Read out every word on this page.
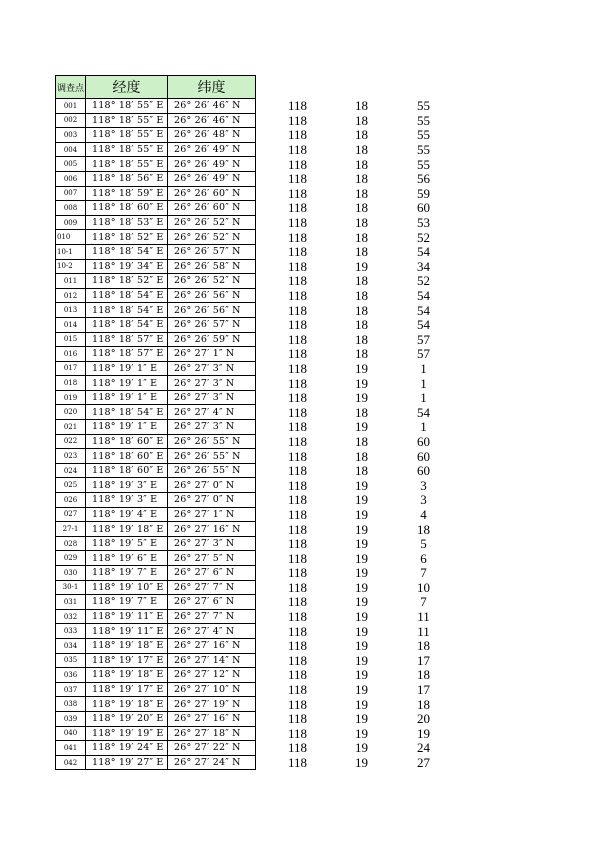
调查点	经度	纬度				
001	118° 18′ 55″ E	26° 26′ 46″ N		118	18	55
002	118° 18′ 55″ E	26° 26′ 46″ N		118	18	55
003	118° 18′ 55″ E	26° 26′ 48″ N		118	18	55
004	118° 18′ 55″ E	26° 26′ 49″ N		118	18	55
005	118° 18′ 55″ E	26° 26′ 49″ N		118	18	55
006	118° 18′ 56″ E	26° 26′ 49″ N		118	18	56
007	118° 18′ 59″ E	26° 26′ 60″ N		118	18	59
008	118° 18′ 60″ E	26° 26′ 60″ N		118	18	60
009	118° 18′ 53″ E	26° 26′ 52″ N		118	18	53
010	118° 18′ 52″ E	26° 26′ 52″ N		118	18	52
10-1	118° 18′ 54″ E	26° 26′ 57″ N		118	18	54
10-2	118° 19′ 34″ E	26° 26′ 58″ N		118	19	34
011	118° 18′ 52″ E	26° 26′ 52″ N		118	18	52
012	118° 18′ 54″ E	26° 26′ 56″ N		118	18	54
013	118° 18′ 54″ E	26° 26′ 56″ N		118	18	54
014	118° 18′ 54″ E	26° 26′ 57″ N		118	18	54
015	118° 18′ 57″ E	26° 26′ 59″ N		118	18	57
016	118° 18′ 57″ E	26° 27′ 1″ N		118	18	57
017	118° 19′ 1″ E	26° 27′ 3″ N		118	19	1
018	118° 19′ 1″ E	26° 27′ 3″ N		118	19	1
019	118° 19′ 1″ E	26° 27′ 3″ N		118	19	1
020	118° 18′ 54″ E	26° 27′ 4″ N		118	18	54
021	118° 19′ 1″ E	26° 27′ 3″ N		118	19	1
022	118° 18′ 60″ E	26° 26′ 55″ N		118	18	60
023	118° 18′ 60″ E	26° 26′ 55″ N		118	18	60
024	118° 18′ 60″ E	26° 26′ 55″ N		118	18	60
025	118° 19′ 3″ E	26° 27′ 0″ N		118	19	3
026	118° 19′ 3″ E	26° 27′ 0″ N		118	19	3
027	118° 19′ 4″ E	26° 27′ 1″ N		118	19	4
27-1	118° 19′ 18″ E	26° 27′ 16″ N		118	19	18
028	118° 19′ 5″ E	26° 27′ 3″ N		118	19	5
029	118° 19′ 6″ E	26° 27′ 5″ N		118	19	6
030	118° 19′ 7″ E	26° 27′ 6″ N		118	19	7
30-1	118° 19′ 10″ E	26° 27′ 7″ N		118	19	10
031	118° 19′ 7″ E	26° 27′ 6″ N		118	19	7
032	118° 19′ 11″ E	26° 27′ 7″ N		118	19	11
033	118° 19′ 11″ E	26° 27′ 4″ N		118	19	11
034	118° 19′ 18″ E	26° 27′ 16″ N		118	19	18
035	118° 19′ 17″ E	26° 27′ 14″ N		118	19	17
036	118° 19′ 18″ E	26° 27′ 12″ N		118	19	18
037	118° 19′ 17″ E	26° 27′ 10″ N		118	19	17
038	118° 19′ 18″ E	26° 27′ 19″ N		118	19	18
039	118° 19′ 20″ E	26° 27′ 16″ N		118	19	20
040	118° 19′ 19″ E	26° 27′ 18″ N		118	19	19
041	118° 19′ 24″ E	26° 27′ 22″ N		118	19	24
042	118° 19′ 27″ E	26° 27′ 24″ N		118	19	27
